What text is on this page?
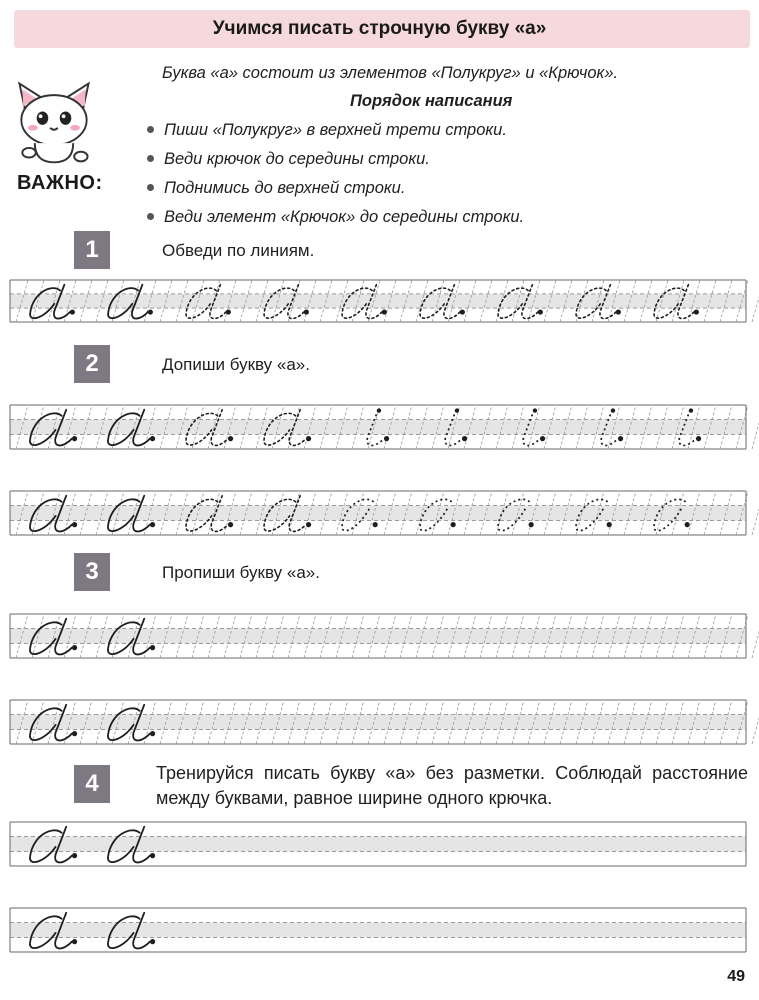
Учимся писать строчную букву «а»
ВАЖНО:
Буква «а» состоит из элементов «Полукруг» и «Крючок».
Порядок написания
Пиши «Полукруг» в верхней трети строки.
Веди крючок до середины строки.
Поднимись до верхней строки.
Веди элемент «Крючок» до середины строки.
1	Обведи по линиям.
2	Допиши букву «а».
3	Пропиши букву «а».
4	Тренируйся писать букву «а» без разметки. Соблюдай расстояние между буквами, равное ширине одного крючка.
49
